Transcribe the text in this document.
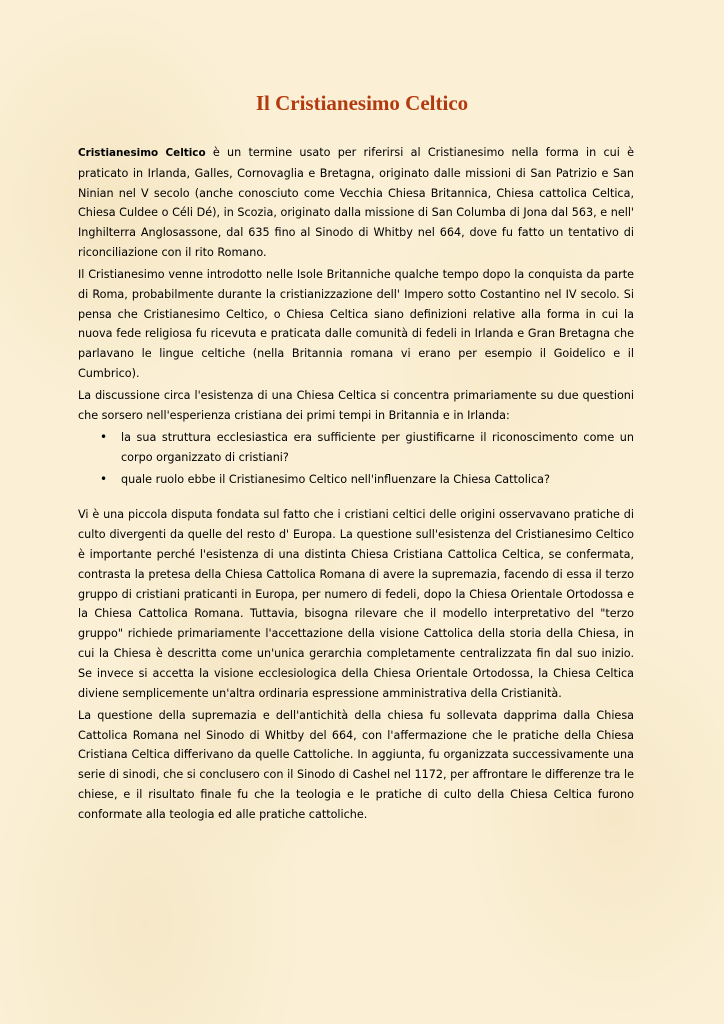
Il Cristianesimo Celtico

Cristianesimo Celtico è un termine usato per riferirsi al Cristianesimo nella forma in cui è praticato in Irlanda, Galles, Cornovaglia e Bretagna, originato dalle missioni di San Patrizio e San Ninian nel V secolo (anche conosciuto come Vecchia Chiesa Britannica, Chiesa cattolica Celtica, Chiesa Culdee o Céli Dé), in Scozia, originato dalla missione di San Columba di Jona dal 563, e nell' Inghilterra Anglosassone, dal 635 fino al Sinodo di Whitby nel 664, dove fu fatto un tentativo di riconciliazione con il rito Romano.

Il Cristianesimo venne introdotto nelle Isole Britanniche qualche tempo dopo la conquista da parte di Roma, probabilmente durante la cristianizzazione dell' Impero sotto Costantino nel IV secolo. Si pensa che Cristianesimo Celtico, o Chiesa Celtica siano definizioni relative alla forma in cui la nuova fede religiosa fu ricevuta e praticata dalle comunità di fedeli in Irlanda e Gran Bretagna che parlavano le lingue celtiche (nella Britannia romana vi erano per esempio il Goidelico e il Cumbrico).

La discussione circa l'esistenza di una Chiesa Celtica si concentra primariamente su due questioni che sorsero nell'esperienza cristiana dei primi tempi in Britannia e in Irlanda:

• la sua struttura ecclesiastica era sufficiente per giustificarne il riconoscimento come un corpo organizzato di cristiani?
• quale ruolo ebbe il Cristianesimo Celtico nell'influenzare la Chiesa Cattolica?

Vi è una piccola disputa fondata sul fatto che i cristiani celtici delle origini osservavano pratiche di culto divergenti da quelle del resto d' Europa. La questione sull'esistenza del Cristianesimo Celtico è importante perché l'esistenza di una distinta Chiesa Cristiana Cattolica Celtica, se confermata, contrasta la pretesa della Chiesa Cattolica Romana di avere la supremazia, facendo di essa il terzo gruppo di cristiani praticanti in Europa, per numero di fedeli, dopo la Chiesa Orientale Ortodossa e la Chiesa Cattolica Romana. Tuttavia, bisogna rilevare che il modello interpretativo del "terzo gruppo" richiede primariamente l'accettazione della visione Cattolica della storia della Chiesa, in cui la Chiesa è descritta come un'unica gerarchia completamente centralizzata fin dal suo inizio. Se invece si accetta la visione ecclesiologica della Chiesa Orientale Ortodossa, la Chiesa Celtica diviene semplicemente un'altra ordinaria espressione amministrativa della Cristianità.

La questione della supremazia e dell'antichità della chiesa fu sollevata dapprima dalla Chiesa Cattolica Romana nel Sinodo di Whitby del 664, con l'affermazione che le pratiche della Chiesa Cristiana Celtica differivano da quelle Cattoliche. In aggiunta, fu organizzata successivamente una serie di sinodi, che si conclusero con il Sinodo di Cashel nel 1172, per affrontare le differenze tra le chiese, e il risultato finale fu che la teologia e le pratiche di culto della Chiesa Celtica furono conformate alla teologia ed alle pratiche cattoliche.
